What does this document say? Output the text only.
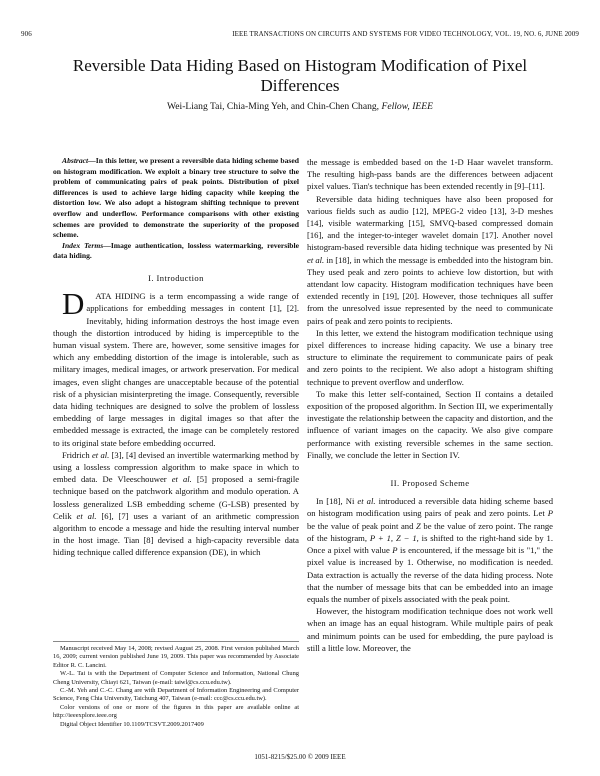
906	IEEE TRANSACTIONS ON CIRCUITS AND SYSTEMS FOR VIDEO TECHNOLOGY, VOL. 19, NO. 6, JUNE 2009
Reversible Data Hiding Based on Histogram Modification of Pixel Differences
Wei-Liang Tai, Chia-Ming Yeh, and Chin-Chen Chang, Fellow, IEEE

Abstract—In this letter, we present a reversible data hiding scheme based on histogram modification. We exploit a binary tree structure to solve the problem of communicating pairs of peak points. Distribution of pixel differences is used to achieve large hiding capacity while keeping the distortion low. We also adopt a histogram shifting technique to prevent overflow and underflow. Performance comparisons with other existing schemes are provided to demonstrate the superiority of the proposed scheme.

Index Terms—Image authentication, lossless watermarking, reversible data hiding.

I. Introduction

D ATA HIDING is a term encompassing a wide range of applications for embedding messages in content [1], [2]. Inevitably, hiding information destroys the host image even though the distortion introduced by hiding is imperceptible to the human visual system. There are, however, some sensitive images for which any embedding distortion of the image is intolerable, such as military images, medical images, or artwork preservation. For medical images, even slight changes are unacceptable because of the potential risk of a physician misinterpreting the image. Consequently, reversible data hiding techniques are designed to solve the problem of lossless embedding of large messages in digital images so that after the embedded message is extracted, the image can be completely restored to its original state before embedding occurred.

Fridrich et al. [3], [4] devised an invertible watermarking method by using a lossless compression algorithm to make space in which to embed data. De Vleeschouwer et al. [5] proposed a semi-fragile technique based on the patchwork algorithm and modulo operation. A lossless generalized LSB embedding scheme (G-LSB) presented by Celik et al. [6], [7] uses a variant of an arithmetic compression algorithm to encode a message and hide the resulting interval number in the host image. Tian [8] devised a high-capacity reversible data hiding technique called difference expansion (DE), in which

Manuscript received May 14, 2008; revised August 25, 2008. First version published March 16, 2009; current version published June 19, 2009. This paper was recommended by Associate Editor R. C. Lancini.

W.-L. Tai is with the Department of Computer Science and Information, National Chung Cheng University, Chiayi 621, Taiwan (e-mail: taiwl@cs.ccu.edu.tw).

C.-M. Yeh and C.-C. Chang are with Department of Information Engineering and Computer Science, Feng Chia University, Taichung 407, Taiwan (e-mail: ccc@cs.ccu.edu.tw).

Color versions of one or more of the figures in this paper are available online at http://ieeexplore.ieee.org

Digital Object Identifier 10.1109/TCSVT.2009.2017409

the message is embedded based on the 1-D Haar wavelet transform. The resulting high-pass bands are the differences between adjacent pixel values. Tian's technique has been extended recently in [9]–[11].

Reversible data hiding techniques have also been proposed for various fields such as audio [12], MPEG-2 video [13], 3-D meshes [14], visible watermarking [15], SMVQ-based compressed domain [16], and the integer-to-integer wavelet domain [17]. Another novel histogram-based reversible data hiding technique was presented by Ni et al. in [18], in which the message is embedded into the histogram bin. They used peak and zero points to achieve low distortion, but with attendant low capacity. Histogram modification techniques have been extended recently in [19], [20]. However, those techniques all suffer from the unresolved issue represented by the need to communicate pairs of peak and zero points to recipients.

In this letter, we extend the histogram modification technique using pixel differences to increase hiding capacity. We use a binary tree structure to eliminate the requirement to communicate pairs of peak and zero points to the recipient. We also adopt a histogram shifting technique to prevent overflow and underflow.

To make this letter self-contained, Section II contains a detailed exposition of the proposed algorithm. In Section III, we experimentally investigate the relationship between the capacity and distortion, and the influence of variant images on the capacity. We also give compare performance with existing reversible schemes in the same section. Finally, we conclude the letter in Section IV.

II. Proposed Scheme

In [18], Ni et al. introduced a reversible data hiding scheme based on histogram modification using pairs of peak and zero points. Let P be the value of peak point and Z be the value of zero point. The range of the histogram, P + 1, Z − 1, is shifted to the right-hand side by 1. Once a pixel with value P is encountered, if the message bit is "1," the pixel value is increased by 1. Otherwise, no modification is needed. Data extraction is actually the reverse of the data hiding process. Note that the number of message bits that can be embedded into an image equals the number of pixels associated with the peak point.

However, the histogram modification technique does not work well when an image has an equal histogram. While multiple pairs of peak and minimum points can be used for embedding, the pure payload is still a little low. Moreover, the

1051-8215/$25.00 © 2009 IEEE
